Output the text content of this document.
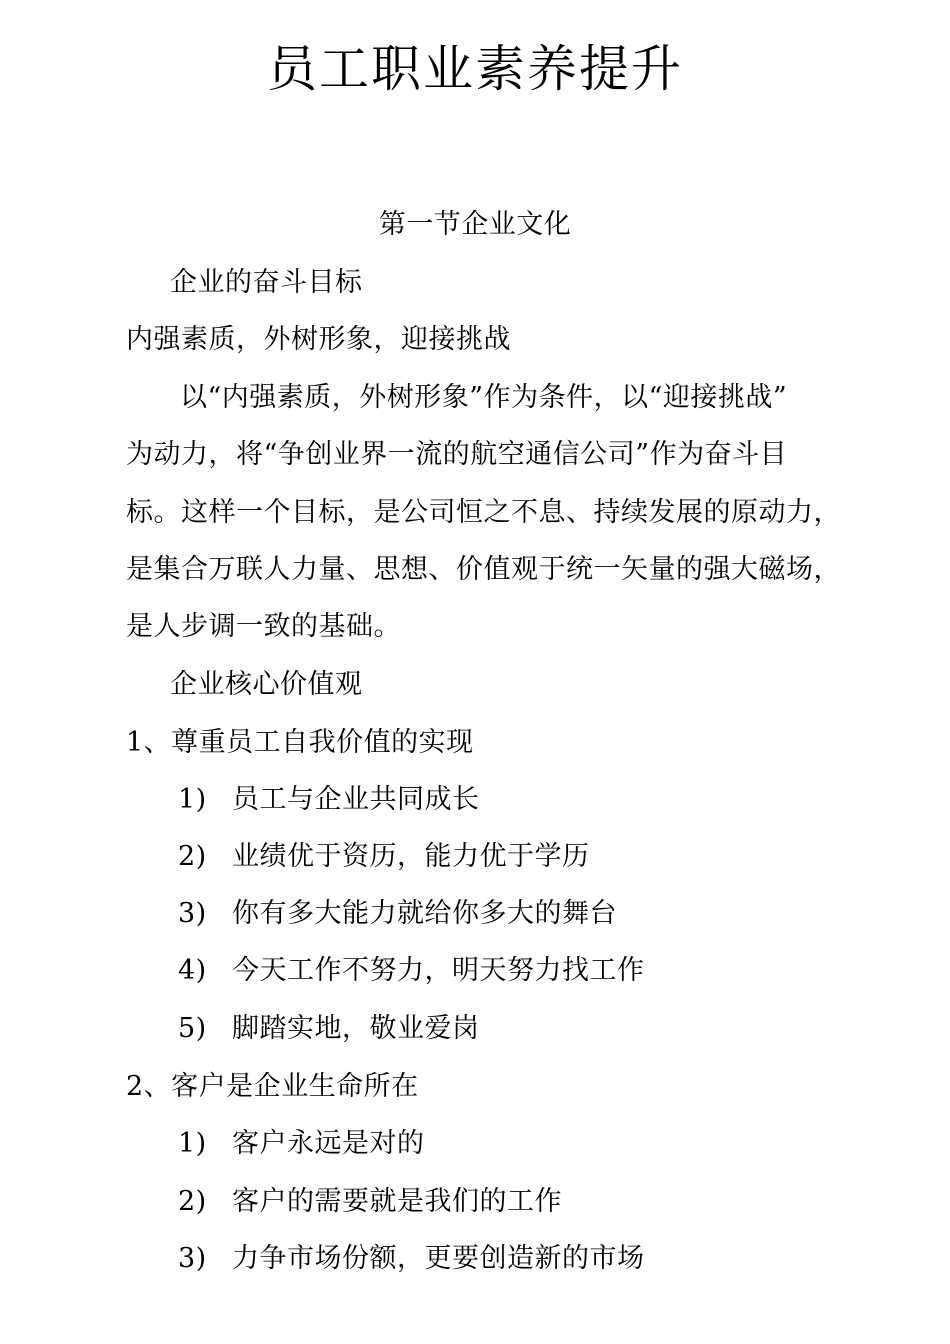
员工职业素养提升
第一节企业文化
企业的奋斗目标
内强素质，外树形象，迎接挑战
以“内强素质，外树形象”作为条件，以“迎接挑战”
为动力，将“争创业界一流的航空通信公司”作为奋斗目
标。这样一个目标，是公司恒之不息、持续发展的原动力，
是集合万联人力量、思想、价值观于统一矢量的强大磁场，
是人步调一致的基础。
企业核心价值观
1、尊重员工自我价值的实现
1) 员工与企业共同成长
2) 业绩优于资历，能力优于学历
3) 你有多大能力就给你多大的舞台
4) 今天工作不努力，明天努力找工作
5) 脚踏实地，敬业爱岗
2、客户是企业生命所在
1) 客户永远是对的
2) 客户的需要就是我们的工作
3) 力争市场份额，更要创造新的市场
